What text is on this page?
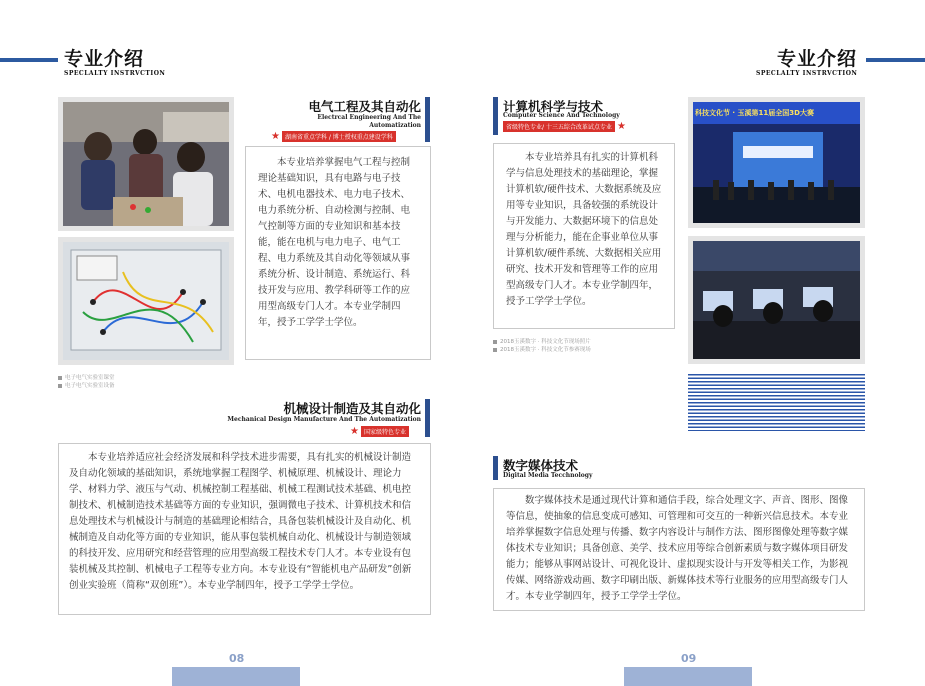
专业介绍
SPECLALTY INSTRVCTION
电子电气实验室课堂
电子电气实验室设备
电气工程及其自动化
Electrcal Engineering And The
Automatization
★ 湖南省重点学科 / 博士授权重点建设学科

本专业培养掌握电气工程与控制理论基础知识，具有电路与电子技术、电机电器技术、电力电子技术、电力系统分析、自动检测与控制、电气控制等方面的专业知识和基本技能，能在电机与电力电子、电气工程、电力系统及其自动化等领域从事系统分析、设计制造、系统运行、科技开发与应用、教学科研等工作的应用型高级专门人才。本专业学制四年，授予工学学士学位。

机械设计制造及其自动化
Mechanical Design Manufacture And The Automatization
★ 国家级特色专业

本专业培养适应社会经济发展和科学技术进步需要，具有扎实的机械设计制造及自动化领域的基础知识，系统地掌握工程图学、机械原理、机械设计、理论力学、材料力学、液压与气动、机械控制工程基础、机械工程测试技术基础、机电控制技术、机械制造技术基础等方面的专业知识，强调微电子技术、计算机技术和信息处理技术与机械设计与制造的基础理论相结合，具备包装机械设计及自动化、机械制造及自动化等方面的专业知识，能从事包装机械自动化、机械设计与制造领域的科技开发、应用研究和经营管理的应用型高级工程技术专门人才。本专业设有包装机械及其控制、机械电子工程等专业方向。本专业设有“智能机电产品研发”创新创业实验班（简称“双创班”）。本专业学制四年，授予工学学士学位。

08
专业介绍
SPECLALTY INSTRVCTION
计算机科学与技术
Computer Science And Technology
省级特色专业/ 十三五综合改革试点专业 ★

本专业培养具有扎实的计算机科学与信息处理技术的基础理论，掌握计算机软/硬件技术、大数据系统及应用等专业知识，具备较强的系统设计与开发能力、大数据环境下的信息处理与分析能力，能在企事业单位从事计算机软/硬件系统、大数据相关应用研究、技术开发和管理等工作的应用型高级专门人才。本专业学制四年，授予工学学士学位。

2018玉溪数字 · 科技文化节现场照片
2018玉溪数字 · 科技文化节参赛现场
科技文化节 · 玉溪第11届全国3D大赛
数字媒体技术
Digital Media Tecchnology

数字媒体技术是通过现代计算和通信手段，综合处理文字、声音、图形、图像等信息，使抽象的信息变成可感知、可管理和可交互的一种新兴信息技术。本专业培养掌握数字信息处理与传播、数字内容设计与制作方法、图形图像处理等数字媒体技术专业知识；具备创意、美学、技术应用等综合创新素质与数字媒体项目研发能力；能够从事网站设计、可视化设计、虚拟现实设计与开发等相关工作，为影视传媒、网络游戏动画、数字印刷出版、新媒体技术等行业服务的应用型高级专门人才。本专业学制四年，授予工学学士学位。

09
